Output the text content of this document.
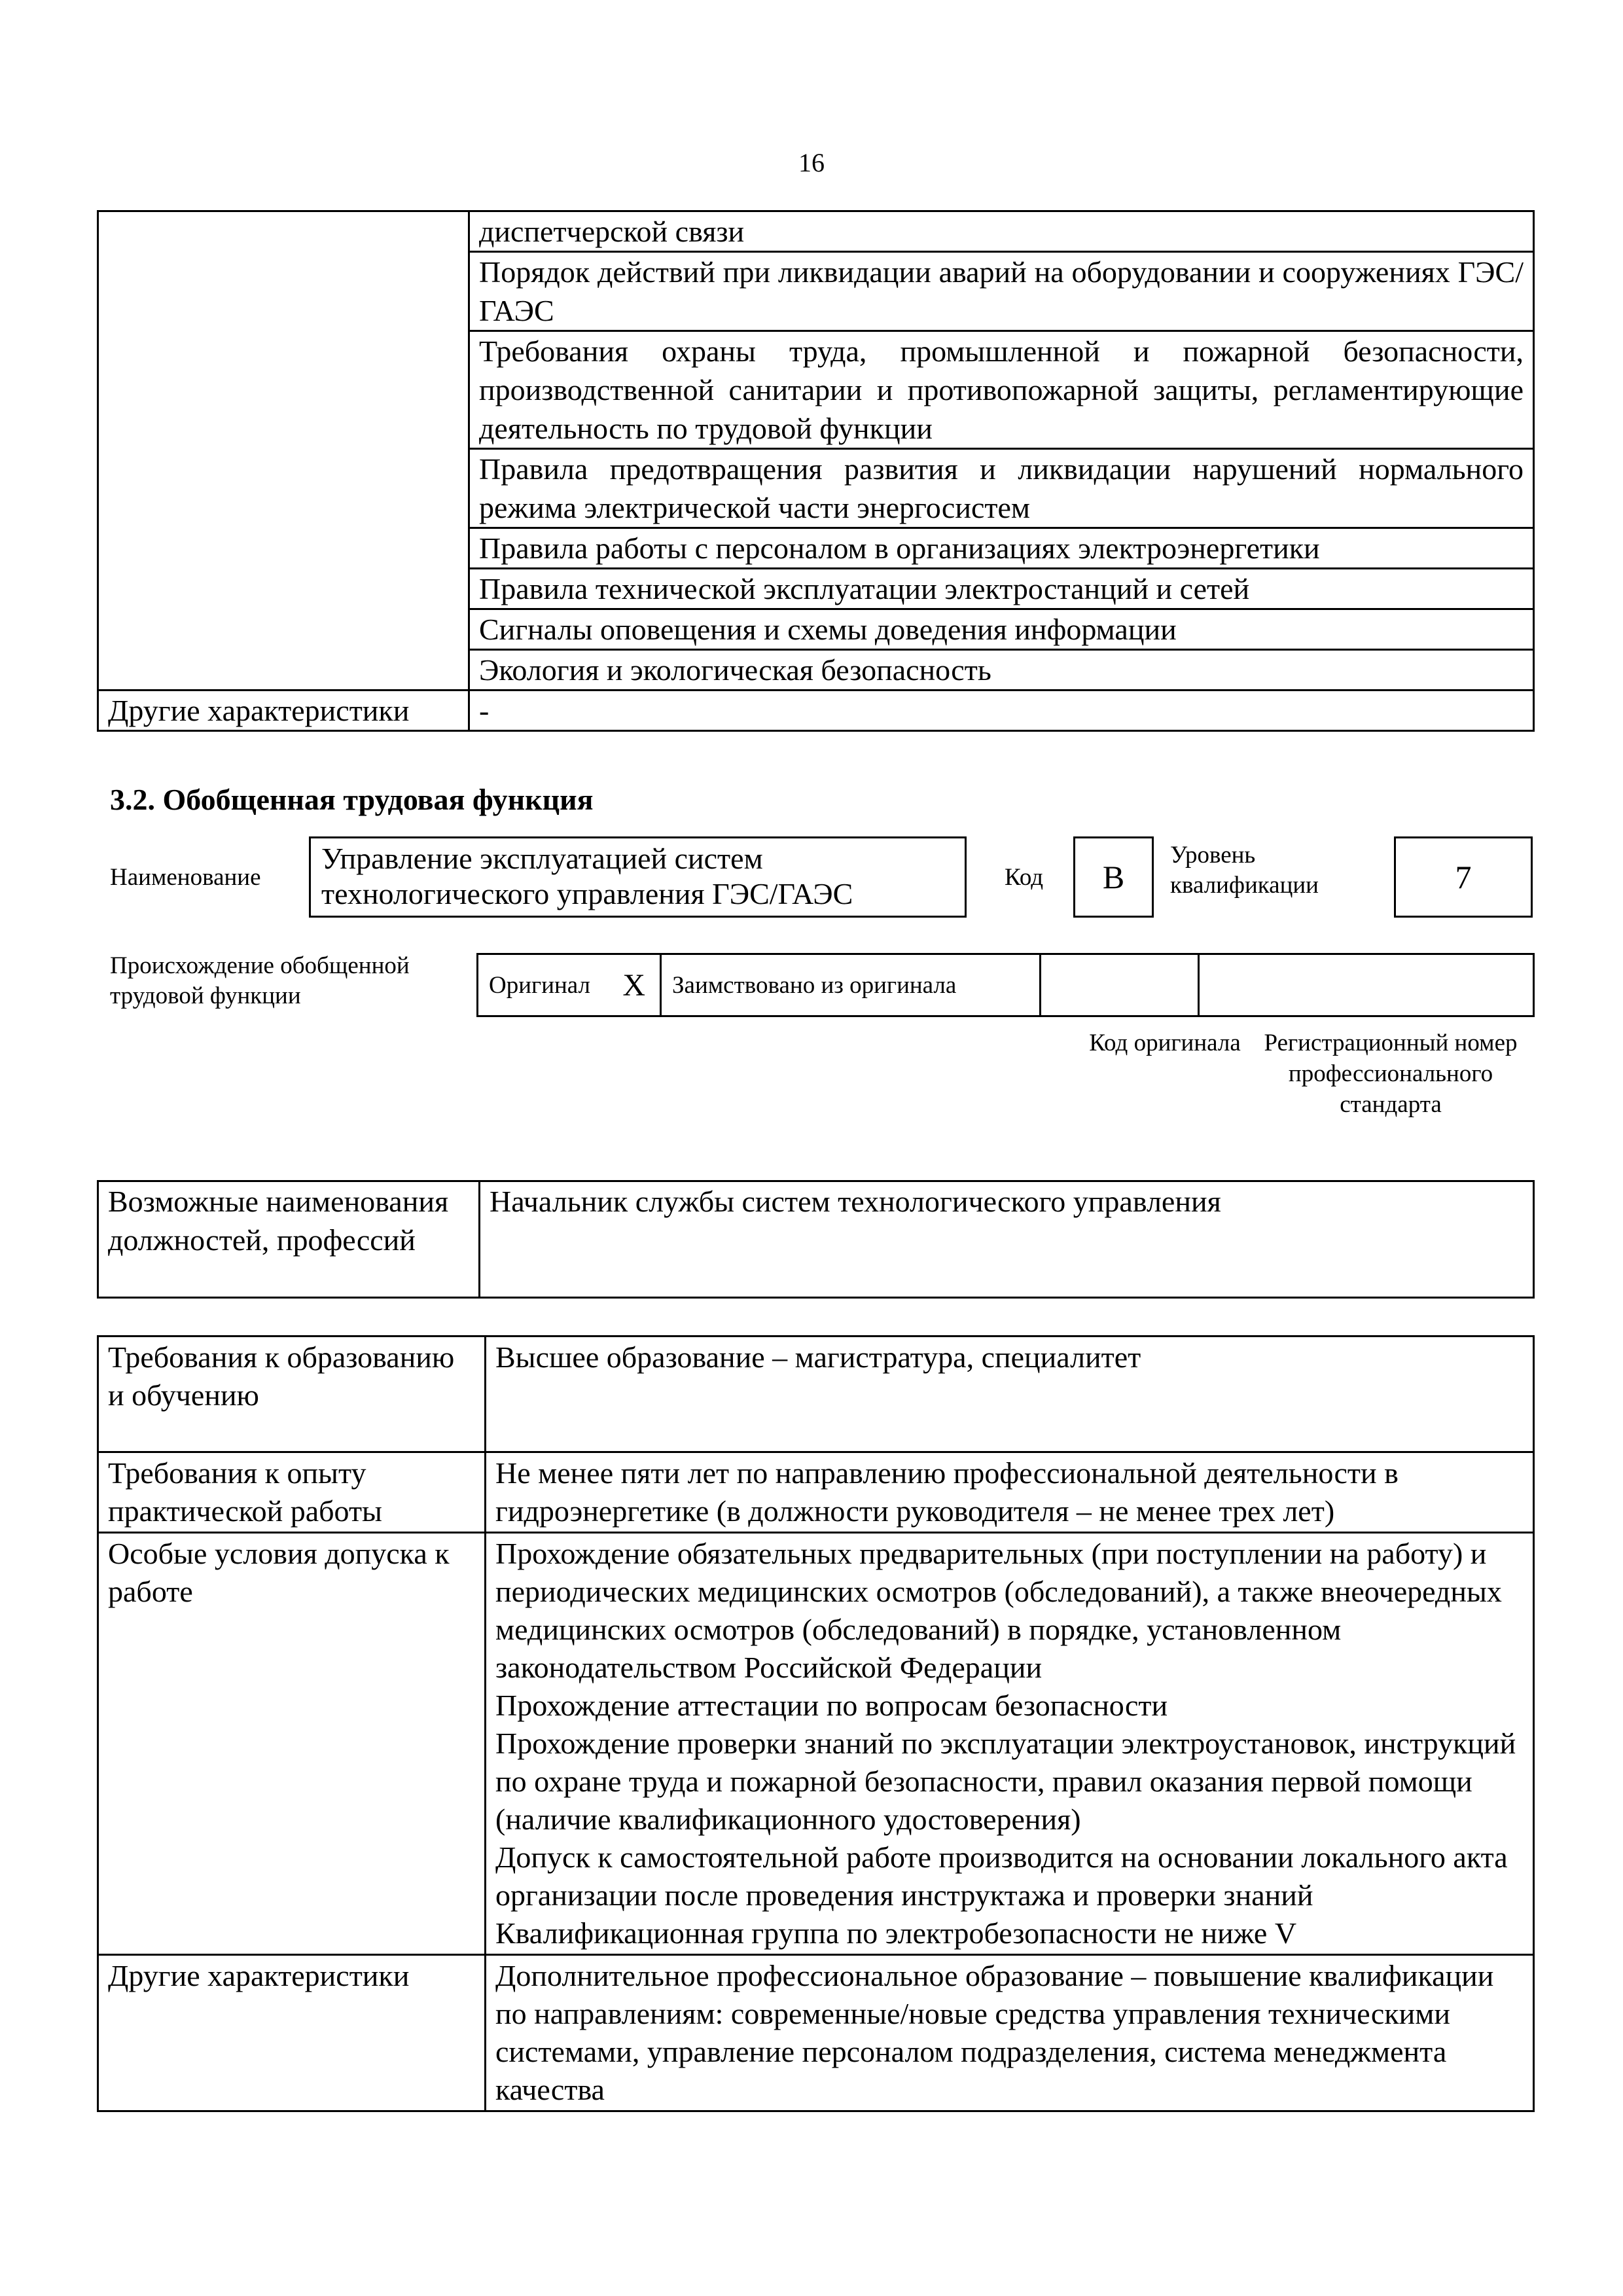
16
	диспетчерской связи
	Порядок действий при ликвидации аварий на оборудовании и сооружениях ГЭС/ГАЭС
	Требования охраны труда, промышленной и пожарной безопасности, производственной санитарии и противопожарной защиты, регламентирующие деятельность по трудовой функции
	Правила предотвращения развития и ликвидации нарушений нормального режима электрической части энергосистем
	Правила работы с персоналом в организациях электроэнергетики
	Правила технической эксплуатации электростанций и сетей
	Сигналы оповещения и схемы доведения информации
	Экология и экологическая безопасность
Другие характеристики	-
3.2. Обобщенная трудовая функция
Наименование
Управление эксплуатацией систем технологического управления ГЭС/ГАЭС	Код B
Уровень квалификации	7
Происхождение обобщенной трудовой функции	Оригинал	X	Заимствовано из оригинала		
Код оригинала Регистрационный номер профессионального стандарта
Возможные наименования должностей, профессий	Начальник службы систем технологического управления
Требования к образованию и обучению	Высшее образование – магистратура, специалитет
Требования к опыту практической работы	Не менее пяти лет по направлению профессиональной деятельности в гидроэнергетике (в должности руководителя – не менее трех лет)
Особые условия допуска к работе	Прохождение обязательных предварительных (при поступлении на работу) и периодических медицинских осмотров (обследований), а также внеочередных медицинских осмотров (обследований) в порядке, установленном законодательством Российской Федерации
Прохождение аттестации по вопросам безопасности
Прохождение проверки знаний по эксплуатации электроустановок, инструкций по охране труда и пожарной безопасности, правил оказания первой помощи (наличие квалификационного удостоверения)
Допуск к самостоятельной работе производится на основании локального акта организации после проведения инструктажа и проверки знаний
Квалификационная группа по электробезопасности не ниже V

Другие характеристики	Дополнительное профессиональное образование – повышение квалификации по направлениям: современные/новые средства управления техническими системами, управление персоналом подразделения, система менеджмента качества
